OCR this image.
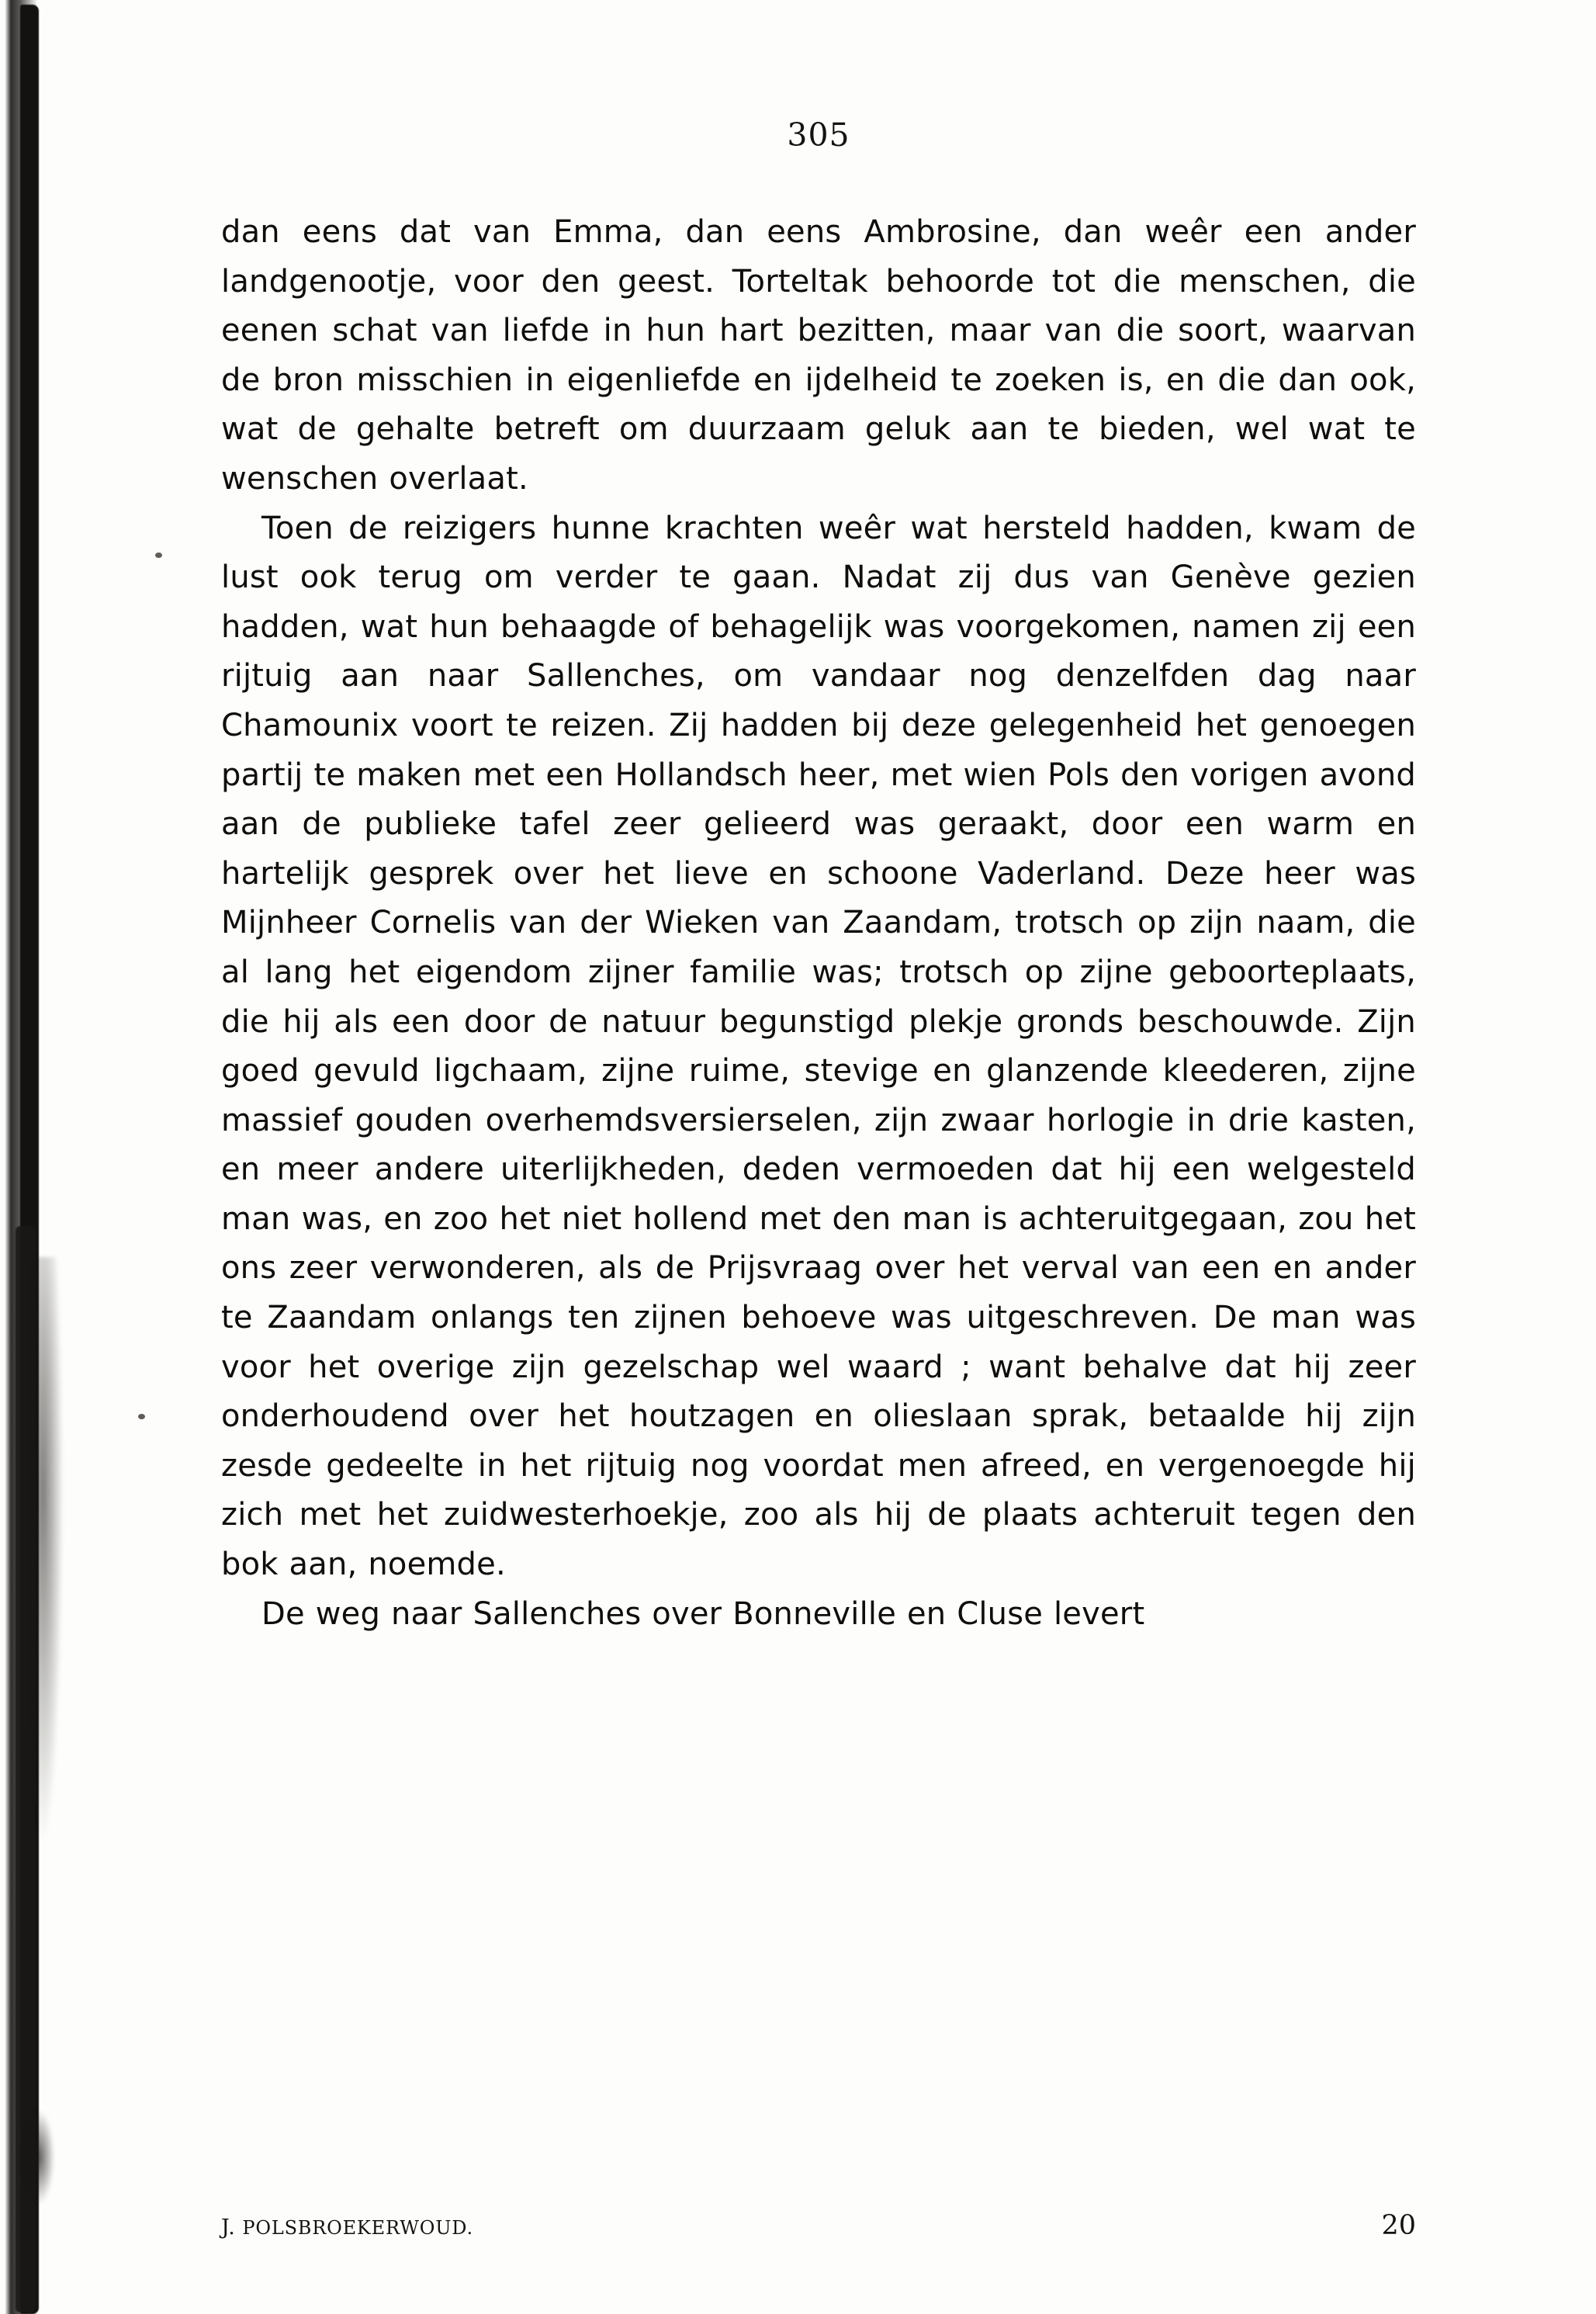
305

dan eens dat van Emma, dan eens Ambrosine, dan weêr een ander landgenootje, voor den geest. Torteltak behoorde tot die menschen, die eenen schat van liefde in hun hart bezitten, maar van die soort, waarvan de bron misschien in eigenliefde en ijdelheid te zoeken is, en die dan ook, wat de gehalte betreft om duurzaam geluk aan te bieden, wel wat te wenschen overlaat.

Toen de reizigers hunne krachten weêr wat hersteld hadden, kwam de lust ook terug om verder te gaan. Nadat zij dus van Genève gezien hadden, wat hun behaagde of behagelijk was voorgekomen, namen zij een rijtuig aan naar Sallenches, om vandaar nog denzelfden dag naar Chamounix voort te reizen. Zij hadden bij deze gelegenheid het genoegen partij te maken met een Hollandsch heer, met wien Pols den vorigen avond aan de publieke tafel zeer gelieerd was geraakt, door een warm en hartelijk gesprek over het lieve en schoone Vaderland. Deze heer was Mijnheer Cornelis van der Wieken van Zaandam, trotsch op zijn naam, die al lang het eigendom zijner familie was; trotsch op zijne geboorteplaats, die hij als een door de natuur begunstigd plekje gronds beschouwde. Zijn goed gevuld ligchaam, zijne ruime, stevige en glanzende kleederen, zijne massief gouden overhemdsversierselen, zijn zwaar horlogie in drie kasten, en meer andere uiterlijkheden, deden vermoeden dat hij een welgesteld man was, en zoo het niet hollend met den man is achteruitgegaan, zou het ons zeer verwonderen, als de Prijsvraag over het verval van een en ander te Zaandam onlangs ten zijnen behoeve was uitgeschreven. De man was voor het overige zijn gezelschap wel waard ; want behalve dat hij zeer onderhoudend over het houtzagen en olieslaan sprak, betaalde hij zijn zesde gedeelte in het rijtuig nog voordat men afreed, en vergenoegde hij zich met het zuidwesterhoekje, zoo als hij de plaats achteruit tegen den bok aan, noemde.

De weg naar Sallenches over Bonneville en Cluse levert

J. POLSBROEKERWOUD.	20
